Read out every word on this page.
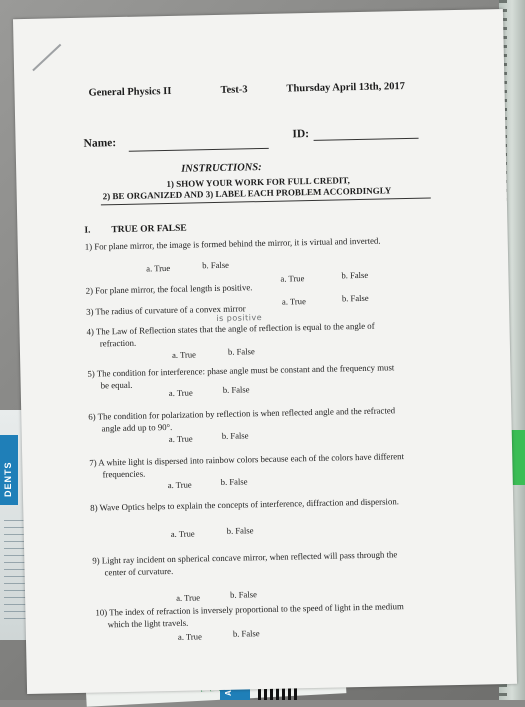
DENTS
General Physics II	Test-3	Thursday April 13th, 2017
Name:
ID:
INSTRUCTIONS:
1) SHOW YOUR WORK FOR FULL CREDIT,
2) BE ORGANIZED AND 3) LABEL EACH PROBLEM ACCORDINGLY
I. TRUE OR FALSE
1) For plane mirror, the image is formed behind the mirror, it is virtual and inverted.
a. True	b. False
2) For plane mirror, the focal length is positive.
a. True	b. False
3) The radius of curvature of a convex mirror
is positive
a. True	b. False
4) The Law of Reflection states that the angle of reflection is equal to the angle of
refraction.
a. True	b. False
5) The condition for interference: phase angle must be constant and the frequency must
be equal.
a. True	b. False
6) The condition for polarization by reflection is when reflected angle and the refracted
angle add up to 90°.
a. True	b. False
7) A white light is dispersed into rainbow colors because each of the colors have different
frequencies.
a. True	b. False
8) Wave Optics helps to explain the concepts of interference, diffraction and dispersion.
a. True	b. False
9) Light ray incident on spherical concave mirror, when reflected will pass through the
center of curvature.
a. True	b. False
10) The index of refraction is inversely proportional to the speed of light in the medium
which the light travels.
a. True	b. False
